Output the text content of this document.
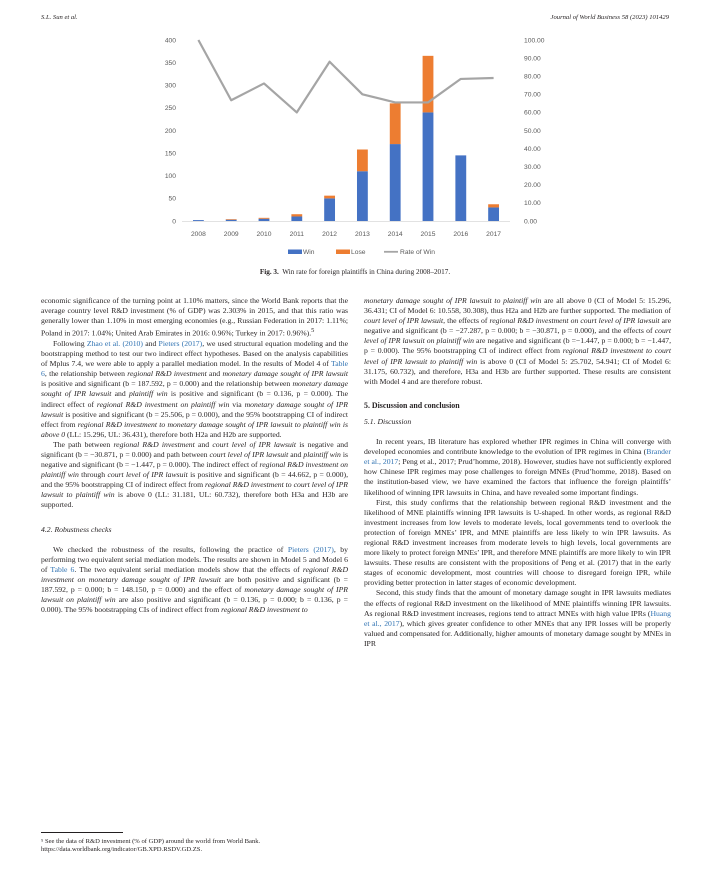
S.L. Sun et al.	Journal of World Business 58 (2023) 101429
0
50
100
150
200
250
300
350
400
0.00
10.00
20.00
30.00
40.00
50.00
60.00
70.00
80.00
90.00
100.00
2008	2009	2010	2011	2012	2013	2014	2015	2016	2017
Win	Lose	Rate of Win
Fig. 3. Win rate for foreign plaintiffs in China during 2008–2017.

economic significance of the turning point at 1.10% matters, since the World Bank reports that the average country level R&D investment (% of GDP) was 2.303% in 2015, and that this ratio was generally lower than 1.10% in most emerging economies (e.g., Russian Federation in 2017: 1.11%; Poland in 2017: 1.04%; United Arab Emirates in 2016: 0.96%; Turkey in 2017: 0.96%).$^5$

Following Zhao et al. (2010) and Pieters (2017), we used structural equation modeling and the bootstrapping method to test our two indirect effect hypotheses. Based on the analysis capabilities of Mplus 7.4, we were able to apply a parallel mediation model. In the results of Model 4 of Table 6, the relationship between regional R&D investment and monetary damage sought of IPR lawsuit is positive and significant (b = 187.592, p = 0.000) and the relationship between monetary damage sought of IPR lawsuit and plaintiff win is positive and significant (b = 0.136, p = 0.000). The indirect effect of regional R&D investment on plaintiff win via monetary damage sought of IPR lawsuit is positive and significant (b = 25.506, p = 0.000), and the 95% bootstrapping CI of indirect effect from regional R&D investment to monetary damage sought of IPR lawsuit to plaintiff win is above 0 (LL: 15.296, UL: 36.431), therefore both H2a and H2b are supported.

The path between regional R&D investment and court level of IPR lawsuit is negative and significant (b = −30.871, p = 0.000) and path between court level of IPR lawsuit and plaintiff win is negative and significant (b = −1.447, p = 0.000). The indirect effect of regional R&D investment on plaintiff win through court level of IPR lawsuit is positive and significant (b = 44.662, p = 0.000), and the 95% bootstrapping CI of indirect effect from regional R&D investment to court level of IPR lawsuit to plaintiff win is above 0 (LL: 31.181, UL: 60.732), therefore both H3a and H3b are supported.

4.2. Robustness checks

We checked the robustness of the results, following the practice of Pieters (2017), by performing two equivalent serial mediation models. The results are shown in Model 5 and Model 6 of Table 6. The two equivalent serial mediation models show that the effects of regional R&D investment on monetary damage sought of IPR lawsuit are both positive and significant (b = 187.592, p = 0.000; b = 148.150, p = 0.000) and the effect of monetary damage sought of IPR lawsuit on plaintiff win are also positive and significant (b = 0.136, p = 0.000; b = 0.136, p = 0.000). The 95% bootstrapping CIs of indirect effect from regional R&D investment to

⁵ See the data of R&D investment (% of GDP) around the world from World Bank. https://data.worldbank.org/indicator/GB.XPD.RSDV.GD.ZS.

monetary damage sought of IPR lawsuit to plaintiff win are all above 0 (CI of Model 5: 15.296, 36.431; CI of Model 6: 10.558, 30.308), thus H2a and H2b are further supported. The mediation of court level of IPR lawsuit, the effects of regional R&D investment on court level of IPR lawsuit are negative and significant (b = −27.287, p = 0.000; b = −30.871, p = 0.000), and the effects of court level of IPR lawsuit on plaintiff win are negative and significant (b =−1.447, p = 0.000; b = −1.447, p = 0.000). The 95% bootstrapping CI of indirect effect from regional R&D investment to court level of IPR lawsuit to plaintiff win is above 0 (CI of Model 5: 25.702, 54.941; CI of Model 6: 31.175, 60.732), and therefore, H3a and H3b are further supported. These results are consistent with Model 4 and are therefore robust.

5. Discussion and conclusion

5.1. Discussion

In recent years, IB literature has explored whether IPR regimes in China will converge with developed economies and contribute knowledge to the evolution of IPR regimes in China (Brander et al., 2017; Peng et al., 2017; Prud’homme, 2018). However, studies have not sufficiently explored how Chinese IPR regimes may pose challenges to foreign MNEs (Prud’homme, 2018). Based on the institution-based view, we have examined the factors that influence the foreign plaintiffs’ likelihood of winning IPR lawsuits in China, and have revealed some important findings.

First, this study confirms that the relationship between regional R&D investment and the likelihood of MNE plaintiffs winning IPR lawsuits is U-shaped. In other words, as regional R&D investment increases from low levels to moderate levels, local governments tend to overlook the protection of foreign MNEs’ IPR, and MNE plaintiffs are less likely to win IPR lawsuits. As regional R&D investment increases from moderate levels to high levels, local governments are more likely to protect foreign MNEs’ IPR, and therefore MNE plaintiffs are more likely to win IPR lawsuits. These results are consistent with the propositions of Peng et al. (2017) that in the early stages of economic development, most countries will choose to disregard foreign IPR, while providing better protection in latter stages of economic development.

Second, this study finds that the amount of monetary damage sought in IPR lawsuits mediates the effects of regional R&D investment on the likelihood of MNE plaintiffs winning IPR lawsuits. As regional R&D investment increases, regions tend to attract MNEs with high value IPRs (Huang et al., 2017), which gives greater confidence to other MNEs that any IPR losses will be properly valued and compensated for. Additionally, higher amounts of monetary damage sought by MNEs in IPR
